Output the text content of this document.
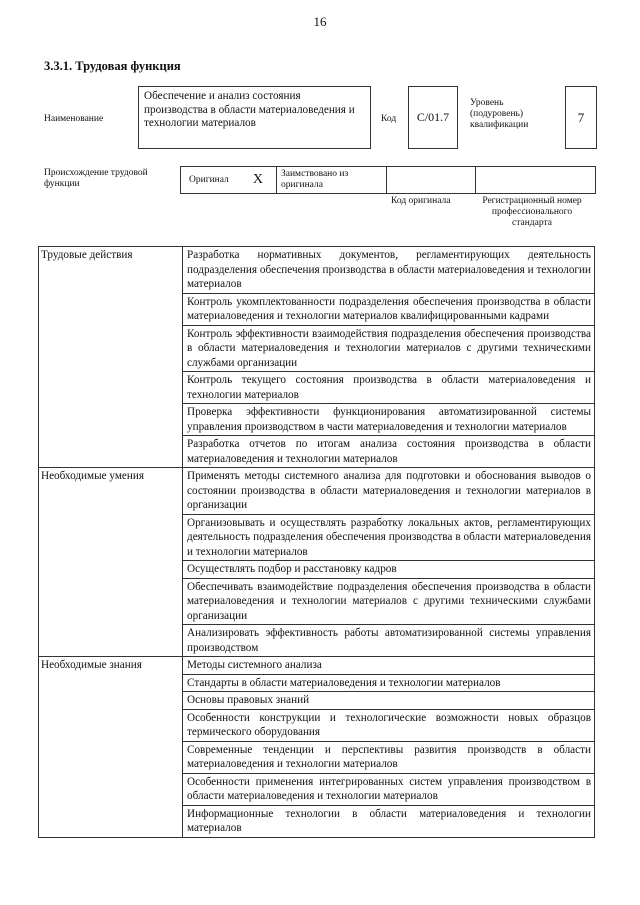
16
3.3.1. Трудовая функция
Наименование
Обеспечение и анализ состояния производства в области материаловедения и технологии материалов	Код C/01.7
Уровень (подуровень) квалификации
7
Происхождение трудовой функции	Оригинал X	Заимствовано из оригинала
Код оригинала	Регистрационный номер профессионального стандарта
Трудовые действия	Разработка нормативных документов, регламентирующих деятельность подразделения обеспечения производства в области материаловедения и технологии материалов
Контроль укомплектованности подразделения обеспечения производства в области материаловедения и технологии материалов квалифицированными кадрами
Контроль эффективности взаимодействия подразделения обеспечения производства в области материаловедения и технологии материалов с другими техническими службами организации
Контроль текущего состояния производства в области материаловедения и технологии материалов
Проверка эффективности функционирования автоматизированной системы управления производством в части материаловедения и технологии материалов
Разработка отчетов по итогам анализа состояния производства в области материаловедения и технологии материалов
Необходимые умения	Применять методы системного анализа для подготовки и обоснования выводов о состоянии производства в области материаловедения и технологии материалов в организации
Организовывать и осуществлять разработку локальных актов, регламентирующих деятельность подразделения обеспечения производства в области материаловедения и технологии материалов
Осуществлять подбор и расстановку кадров
Обеспечивать взаимодействие подразделения обеспечения производства в области материаловедения и технологии материалов с другими техническими службами организации
Анализировать эффективность работы автоматизированной системы управления производством
Необходимые знания	Методы системного анализа
Стандарты в области материаловедения и технологии материалов
Основы правовых знаний
Особенности конструкции и технологические возможности новых образцов термического оборудования
Современные тенденции и перспективы развития производств в области материаловедения и технологии материалов
Особенности применения интегрированных систем управления производством в области материаловедения и технологии материалов
Информационные технологии в области материаловедения и технологии материалов
